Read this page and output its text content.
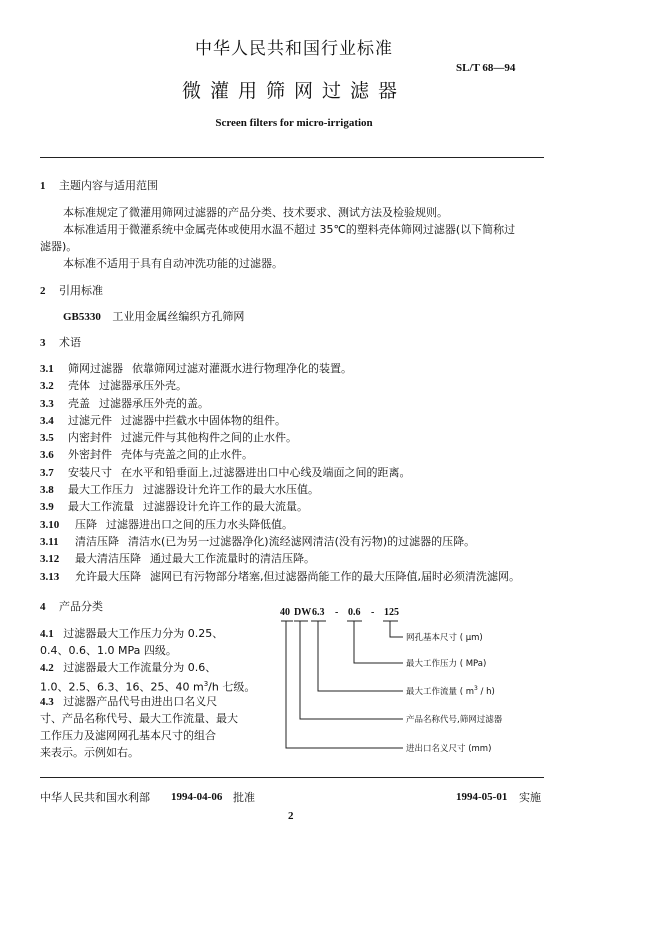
中华人民共和国行业标准
SL/T 68—94
微灌用筛网过滤器
Screen filters for micro-irrigation
1 主题内容与适用范围
本标准规定了微灌用筛网过滤器的产品分类、技术要求、测试方法及检验规则。
本标准适用于微灌系统中金属壳体或使用水温不超过 35℃的塑料壳体筛网过滤器(以下简称过
滤器)。
本标准不适用于具有自动冲洗功能的过滤器。
2 引用标准
GB5330 工业用金属丝编织方孔筛网
3 术语
3.1 筛网过滤器 依靠筛网过滤对灌溉水进行物理净化的装置。
3.2 壳体 过滤器承压外壳。
3.3 壳盖 过滤器承压外壳的盖。
3.4 过滤元件 过滤器中拦截水中固体物的组件。
3.5 内密封件 过滤元件与其他构件之间的止水件。
3.6 外密封件 壳体与壳盖之间的止水件。
3.7 安装尺寸 在水平和铅垂面上,过滤器进出口中心线及端面之间的距离。
3.8 最大工作压力 过滤器设计允许工作的最大水压值。
3.9 最大工作流量 过滤器设计允许工作的最大流量。
3.10 压降 过滤器进出口之间的压力水头降低值。
3.11 清洁压降 清洁水(已为另一过滤器净化)流经滤网清洁(没有污物)的过滤器的压降。
3.12 最大清洁压降 通过最大工作流量时的清洁压降。
3.13 允许最大压降 滤网已有污物部分堵塞,但过滤器尚能工作的最大压降值,届时必须清洗滤网。
4 产品分类
4.1 过滤器最大工作压力分为 0.25、
0.4、0.6、1.0 MPa 四级。
4.2 过滤器最大工作流量分为 0.6、
1.0、2.5、6.3、16、25、40 $m^3/h$ 七级。
4.3 过滤器产品代号由进出口名义尺
寸、产品名称代号、最大工作流量、最大
工作压力及滤网网孔基本尺寸的组合
来表示。示例如右。
40 DW 6.3 - 0.6 - 125
网孔基本尺寸 ( μm)
最大工作压力 ( MPa)
最大工作流量 ( $m^3 / h$)
产品名称代号,筛网过滤器
进出口名义尺寸 (mm)
中华人民共和国水利部 1994-04-06 批准	1994-05-01 实施
2
